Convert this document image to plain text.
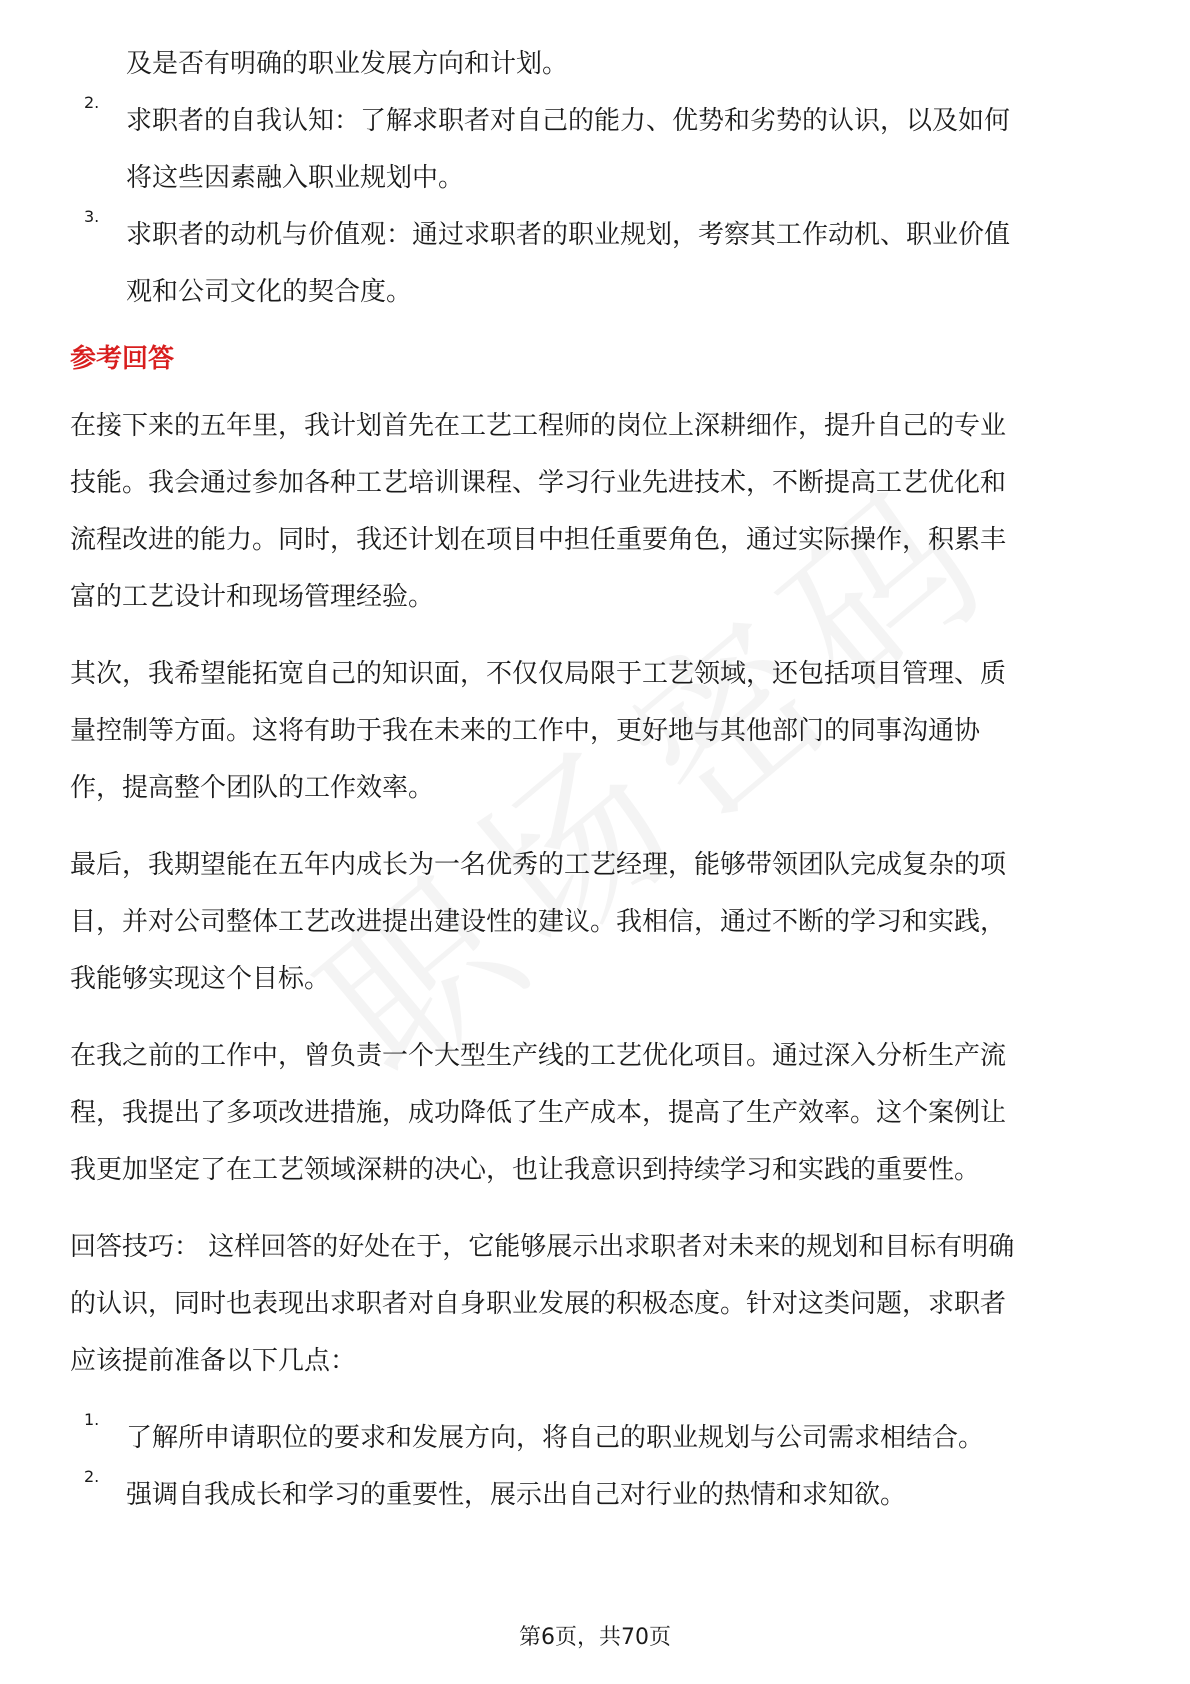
及是否有明确的职业发展方向和计划。
2.
求职者的自我认知：了解求职者对自己的能力、优势和劣势的认识，以及如何
将这些因素融入职业规划中。
3.
求职者的动机与价值观：通过求职者的职业规划，考察其工作动机、职业价值
观和公司文化的契合度。
参考回答
在接下来的五年里，我计划首先在工艺工程师的岗位上深耕细作，提升自己的专业
技能。我会通过参加各种工艺培训课程、学习行业先进技术，不断提高工艺优化和
流程改进的能力。同时，我还计划在项目中担任重要角色，通过实际操作，积累丰
富的工艺设计和现场管理经验。
其次，我希望能拓宽自己的知识面，不仅仅局限于工艺领域，还包括项目管理、质
量控制等方面。这将有助于我在未来的工作中，更好地与其他部门的同事沟通协
作，提高整个团队的工作效率。
最后，我期望能在五年内成长为一名优秀的工艺经理，能够带领团队完成复杂的项
目，并对公司整体工艺改进提出建设性的建议。我相信，通过不断的学习和实践，
我能够实现这个目标。
在我之前的工作中，曾负责一个大型生产线的工艺优化项目。通过深入分析生产流
程，我提出了多项改进措施，成功降低了生产成本，提高了生产效率。这个案例让
我更加坚定了在工艺领域深耕的决心，也让我意识到持续学习和实践的重要性。
回答技巧： 这样回答的好处在于，它能够展示出求职者对未来的规划和目标有明确
的认识，同时也表现出求职者对自身职业发展的积极态度。针对这类问题，求职者
应该提前准备以下几点：
1.
了解所申请职位的要求和发展方向，将自己的职业规划与公司需求相结合。
2.
强调自我成长和学习的重要性，展示出自己对行业的热情和求知欲。
第6页，共70页
